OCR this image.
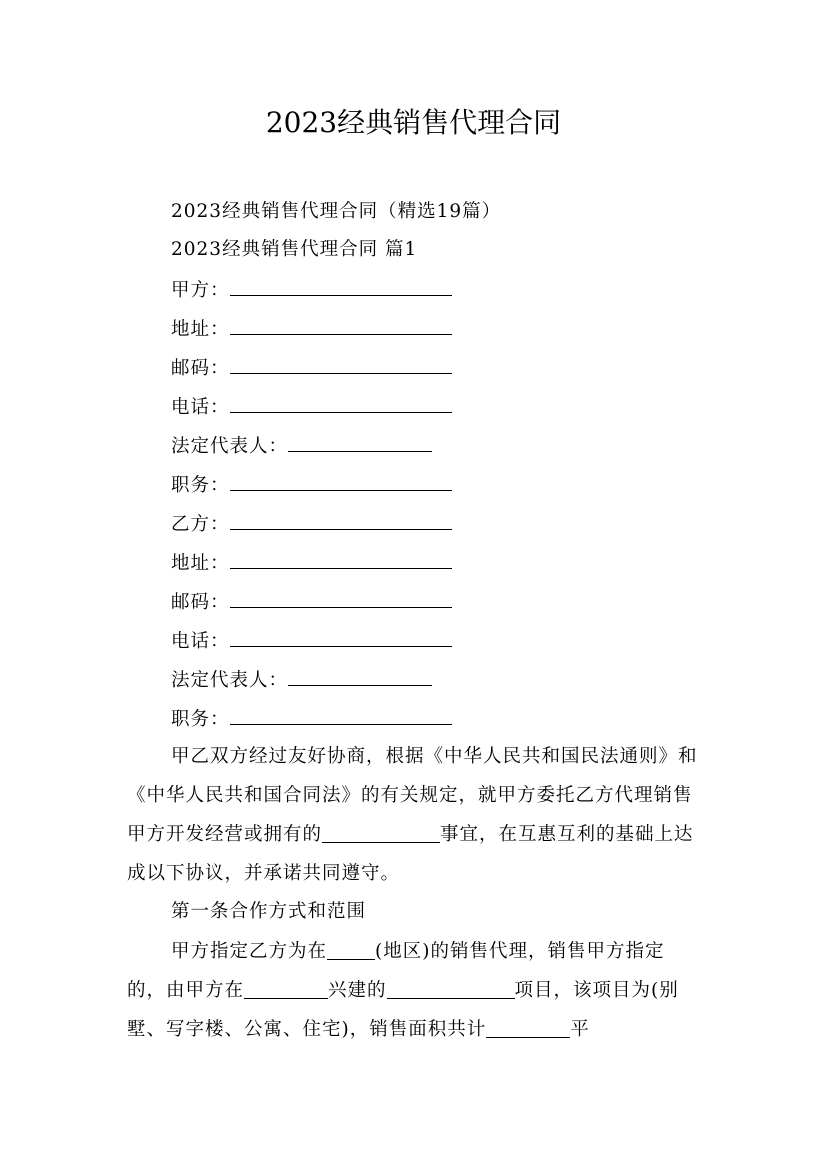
2023经典销售代理合同
2023经典销售代理合同（精选19篇）
2023经典销售代理合同 篇1
甲方：
地址：
邮码：
电话：
法定代表人：
职务：
乙方：
地址：
邮码：
电话：
法定代表人：
职务：
甲乙双方经过友好协商，根据《中华人民共和国民法通则》和《中华人民共和国合同法》的有关规定，就甲方委托乙方代理销售甲方开发经营或拥有的	事宜，在互惠互利的基础上达成以下协议，并承诺共同遵守。
第一条合作方式和范围
甲方指定乙方为在	(地区)的销售代理，销售甲方指定的，由甲方在	兴建的	项目，该项目为(别墅、写字楼、公寓、住宅)，销售面积共计	平
